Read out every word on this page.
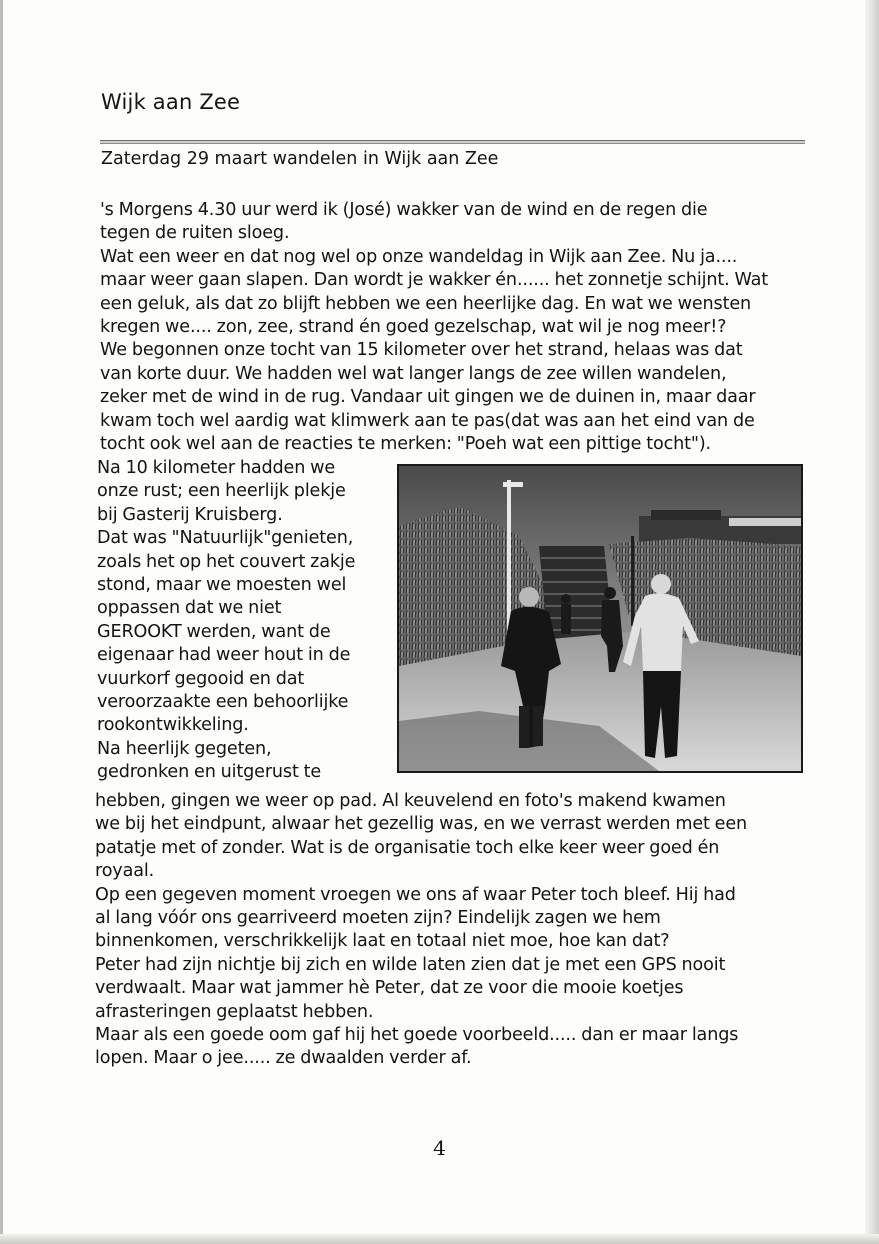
Wijk aan Zee
Zaterdag 29 maart wandelen in Wijk aan Zee
's Morgens 4.30 uur werd ik (José) wakker van de wind en de regen die
tegen de ruiten sloeg.
Wat een weer en dat nog wel op onze wandeldag in Wijk aan Zee. Nu ja....
maar weer gaan slapen. Dan wordt je wakker én...... het zonnetje schijnt. Wat
een geluk, als dat zo blijft hebben we een heerlijke dag. En wat we wensten
kregen we.... zon, zee, strand én goed gezelschap, wat wil je nog meer!?
We begonnen onze tocht van 15 kilometer over het strand, helaas was dat
van korte duur. We hadden wel wat langer langs de zee willen wandelen,
zeker met de wind in de rug. Vandaar uit gingen we de duinen in, maar daar
kwam toch wel aardig wat klimwerk aan te pas(dat was aan het eind van de
tocht ook wel aan de reacties te merken: "Poeh wat een pittige tocht").
Na 10 kilometer hadden we
onze rust; een heerlijk plekje
bij Gasterij Kruisberg.
Dat was "Natuurlijk"genieten,
zoals het op het couvert zakje
stond, maar we moesten wel
oppassen dat we niet
GEROOKT werden, want de
eigenaar had weer hout in de
vuurkorf gegooid en dat
veroorzaakte een behoorlijke
rookontwikkeling.
Na heerlijk gegeten,
gedronken en uitgerust te
hebben, gingen we weer op pad. Al keuvelend en foto's makend kwamen
we bij het eindpunt, alwaar het gezellig was, en we verrast werden met een
patatje met of zonder. Wat is de organisatie toch elke keer weer goed én
royaal.
Op een gegeven moment vroegen we ons af waar Peter toch bleef. Hij had
al lang vóór ons gearriveerd moeten zijn? Eindelijk zagen we hem
binnenkomen, verschrikkelijk laat en totaal niet moe, hoe kan dat?
Peter had zijn nichtje bij zich en wilde laten zien dat je met een GPS nooit
verdwaalt. Maar wat jammer hè Peter, dat ze voor die mooie koetjes
afrasteringen geplaatst hebben.
Maar als een goede oom gaf hij het goede voorbeeld..... dan er maar langs
lopen. Maar o jee..... ze dwaalden verder af.
4
